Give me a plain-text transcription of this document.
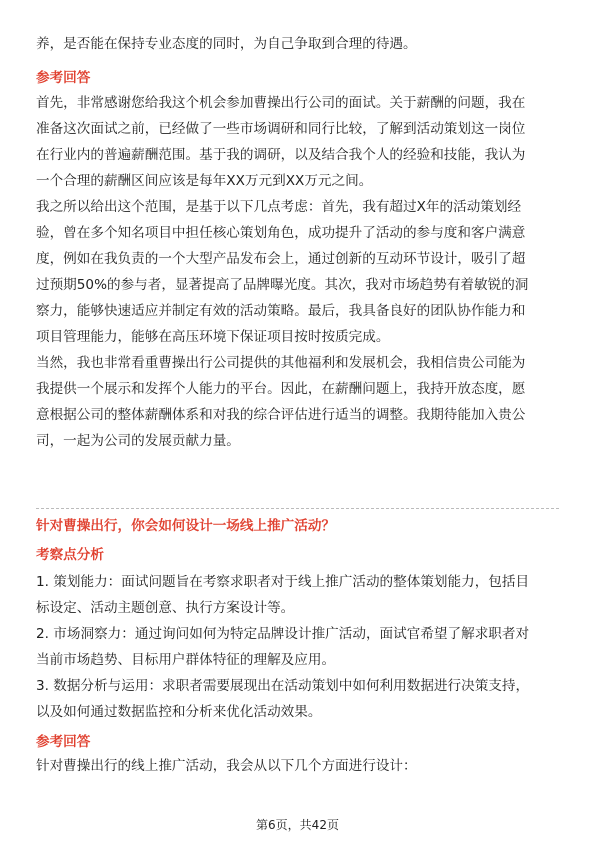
养，是否能在保持专业态度的同时，为自己争取到合理的待遇。

参考回答

首先，非常感谢您给我这个机会参加曹操出行公司的面试。关于薪酬的问题，我在
准备这次面试之前，已经做了一些市场调研和同行比较，了解到活动策划这一岗位
在行业内的普遍薪酬范围。基于我的调研，以及结合我个人的经验和技能，我认为
一个合理的薪酬区间应该是每年XX万元到XX万元之间。

我之所以给出这个范围，是基于以下几点考虑：首先，我有超过X年的活动策划经
验，曾在多个知名项目中担任核心策划角色，成功提升了活动的参与度和客户满意
度，例如在我负责的一个大型产品发布会上，通过创新的互动环节设计，吸引了超
过预期50%的参与者，显著提高了品牌曝光度。其次，我对市场趋势有着敏锐的洞
察力，能够快速适应并制定有效的活动策略。最后，我具备良好的团队协作能力和
项目管理能力，能够在高压环境下保证项目按时按质完成。

当然，我也非常看重曹操出行公司提供的其他福利和发展机会，我相信贵公司能为
我提供一个展示和发挥个人能力的平台。因此，在薪酬问题上，我持开放态度，愿
意根据公司的整体薪酬体系和对我的综合评估进行适当的调整。我期待能加入贵公
司，一起为公司的发展贡献力量。

针对曹操出行，你会如何设计一场线上推广活动？
考察点分析

1. 策划能力：面试问题旨在考察求职者对于线上推广活动的整体策划能力，包括目
标设定、活动主题创意、执行方案设计等。

2. 市场洞察力：通过询问如何为特定品牌设计推广活动，面试官希望了解求职者对
当前市场趋势、目标用户群体特征的理解及应用。

3. 数据分析与运用：求职者需要展现出在活动策划中如何利用数据进行决策支持，
以及如何通过数据监控和分析来优化活动效果。

参考回答

针对曹操出行的线上推广活动，我会从以下几个方面进行设计：

第6页，共42页
